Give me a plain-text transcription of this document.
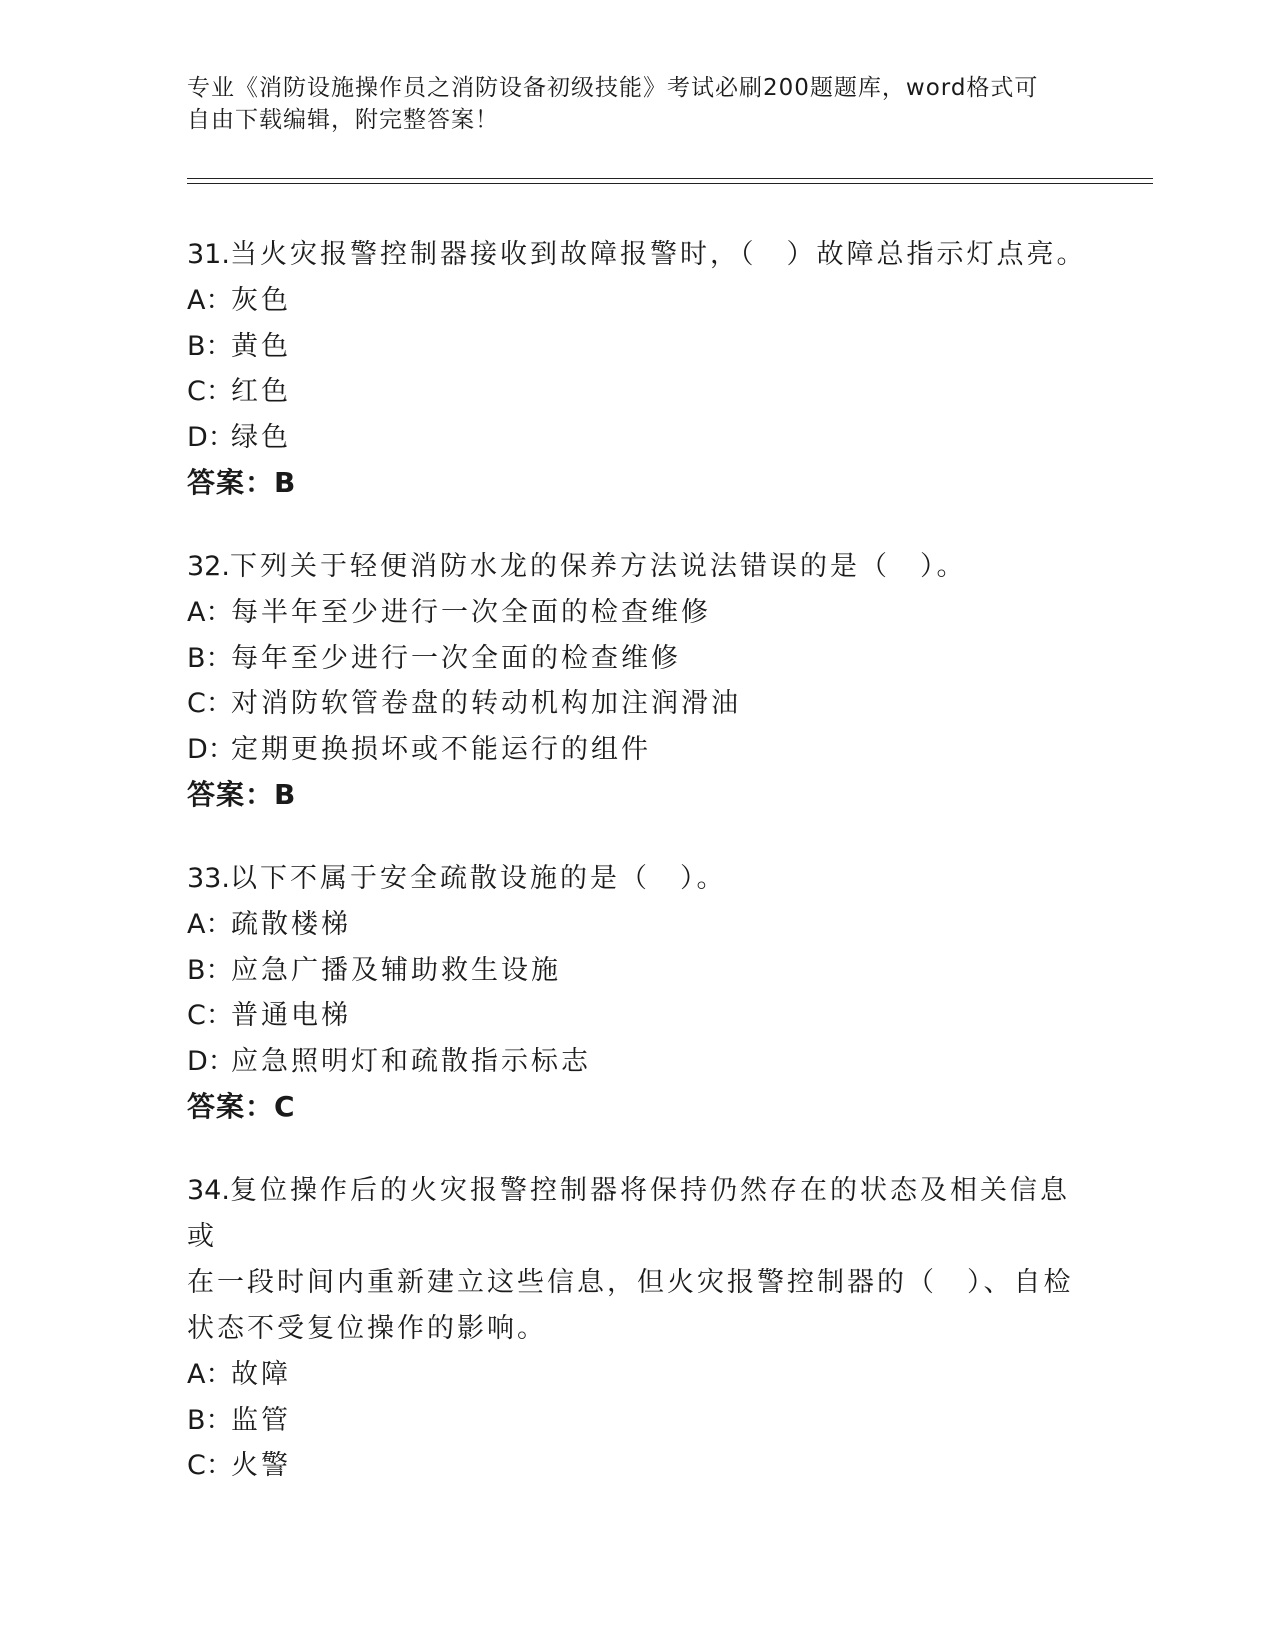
专业《消防设施操作员之消防设备初级技能》考试必刷200题题库，word格式可
自由下载编辑，附完整答案！
31.当火灾报警控制器接收到故障报警时，（　）故障总指示灯点亮。
A：灰色
B：黄色
C：红色
D：绿色
答案：B
32.下列关于轻便消防水龙的保养方法说法错误的是（　）。
A：每半年至少进行一次全面的检查维修
B：每年至少进行一次全面的检查维修
C：对消防软管卷盘的转动机构加注润滑油
D：定期更换损坏或不能运行的组件
答案：B
33.以下不属于安全疏散设施的是（　）。
A：疏散楼梯
B：应急广播及辅助救生设施
C：普通电梯
D：应急照明灯和疏散指示标志
答案：C
34.复位操作后的火灾报警控制器将保持仍然存在的状态及相关信息或
在一段时间内重新建立这些信息，但火灾报警控制器的（　）、自检
状态不受复位操作的影响。
A：故障
B：监管
C：火警
